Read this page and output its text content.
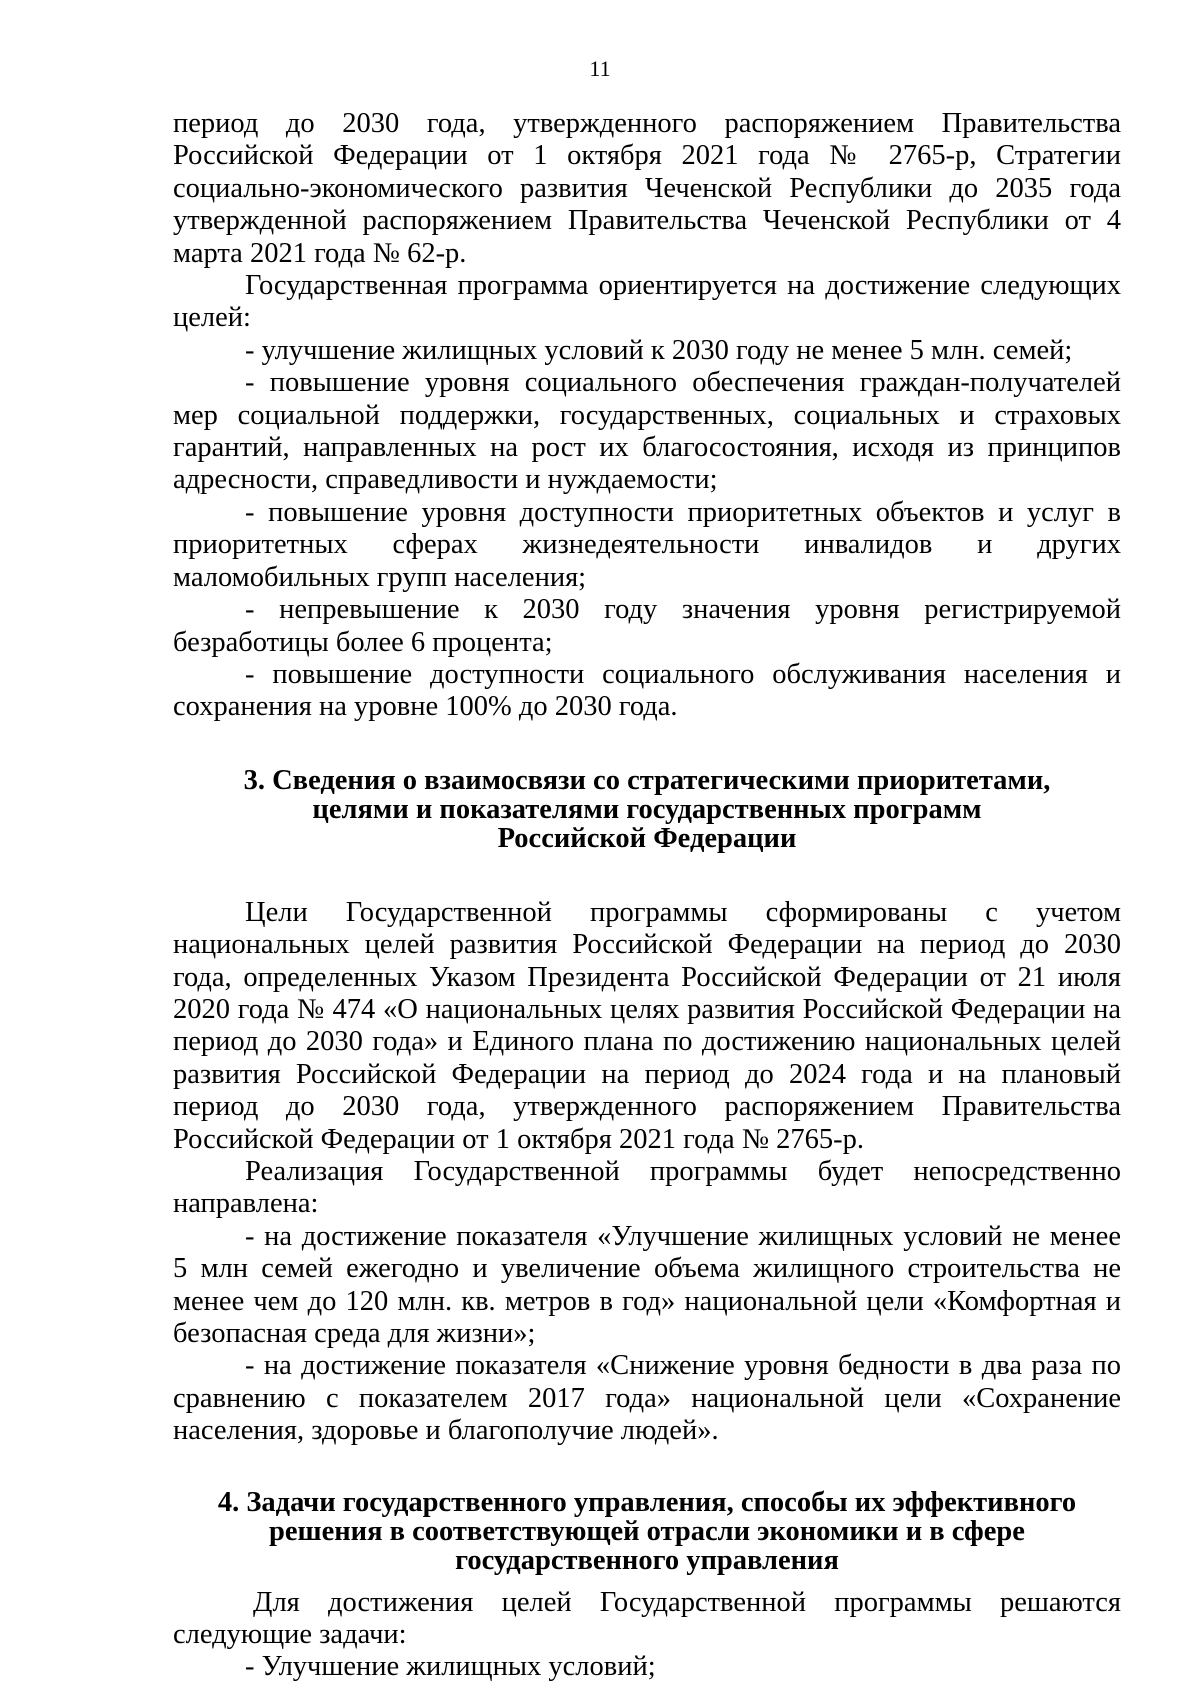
11

период до 2030 года, утвержденного распоряжением Правительства Российской Федерации от 1 октября 2021 года № 2765-р, Стратегии социально-экономического развития Чеченской Республики до 2035 года утвержденной распоряжением Правительства Чеченской Республики от 4 марта 2021 года № 62-р.

Государственная программа ориентируется на достижение следующих целей:

- улучшение жилищных условий к 2030 году не менее 5 млн. семей;

- повышение уровня социального обеспечения граждан-получателей мер социальной поддержки, государственных, социальных и страховых гарантий, направленных на рост их благосостояния, исходя из принципов адресности, справедливости и нуждаемости;

- повышение уровня доступности приоритетных объектов и услуг в приоритетных сферах жизнедеятельности инвалидов и других маломобильных групп населения;

- непревышение к 2030 году значения уровня регистрируемой безработицы более 6 процента;

- повышение доступности социального обслуживания населения и сохранения на уровне 100% до 2030 года.

3. Сведения о взаимосвязи со стратегическими приоритетами,
целями и показателями государственных программ
Российской Федерации

Цели Государственной программы сформированы с учетом национальных целей развития Российской Федерации на период до 2030 года, определенных Указом Президента Российской Федерации от 21 июля 2020 года № 474 «О национальных целях развития Российской Федерации на период до 2030 года» и Единого плана по достижению национальных целей развития Российской Федерации на период до 2024 года и на плановый период до 2030 года, утвержденного распоряжением Правительства Российской Федерации от 1 октября 2021 года № 2765-р.

Реализация Государственной программы будет непосредственно направлена:

- на достижение показателя «Улучшение жилищных условий не менее 5 млн семей ежегодно и увеличение объема жилищного строительства не менее чем до 120 млн. кв. метров в год» национальной цели «Комфортная и безопасная среда для жизни»;

- на достижение показателя «Снижение уровня бедности в два раза по сравнению с показателем 2017 года» национальной цели «Сохранение населения, здоровье и благополучие людей».

4. Задачи государственного управления, способы их эффективного
решения в соответствующей отрасли экономики и в сфере
государственного управления

Для достижения целей Государственной программы решаются следующие задачи:

- Улучшение жилищных условий;
